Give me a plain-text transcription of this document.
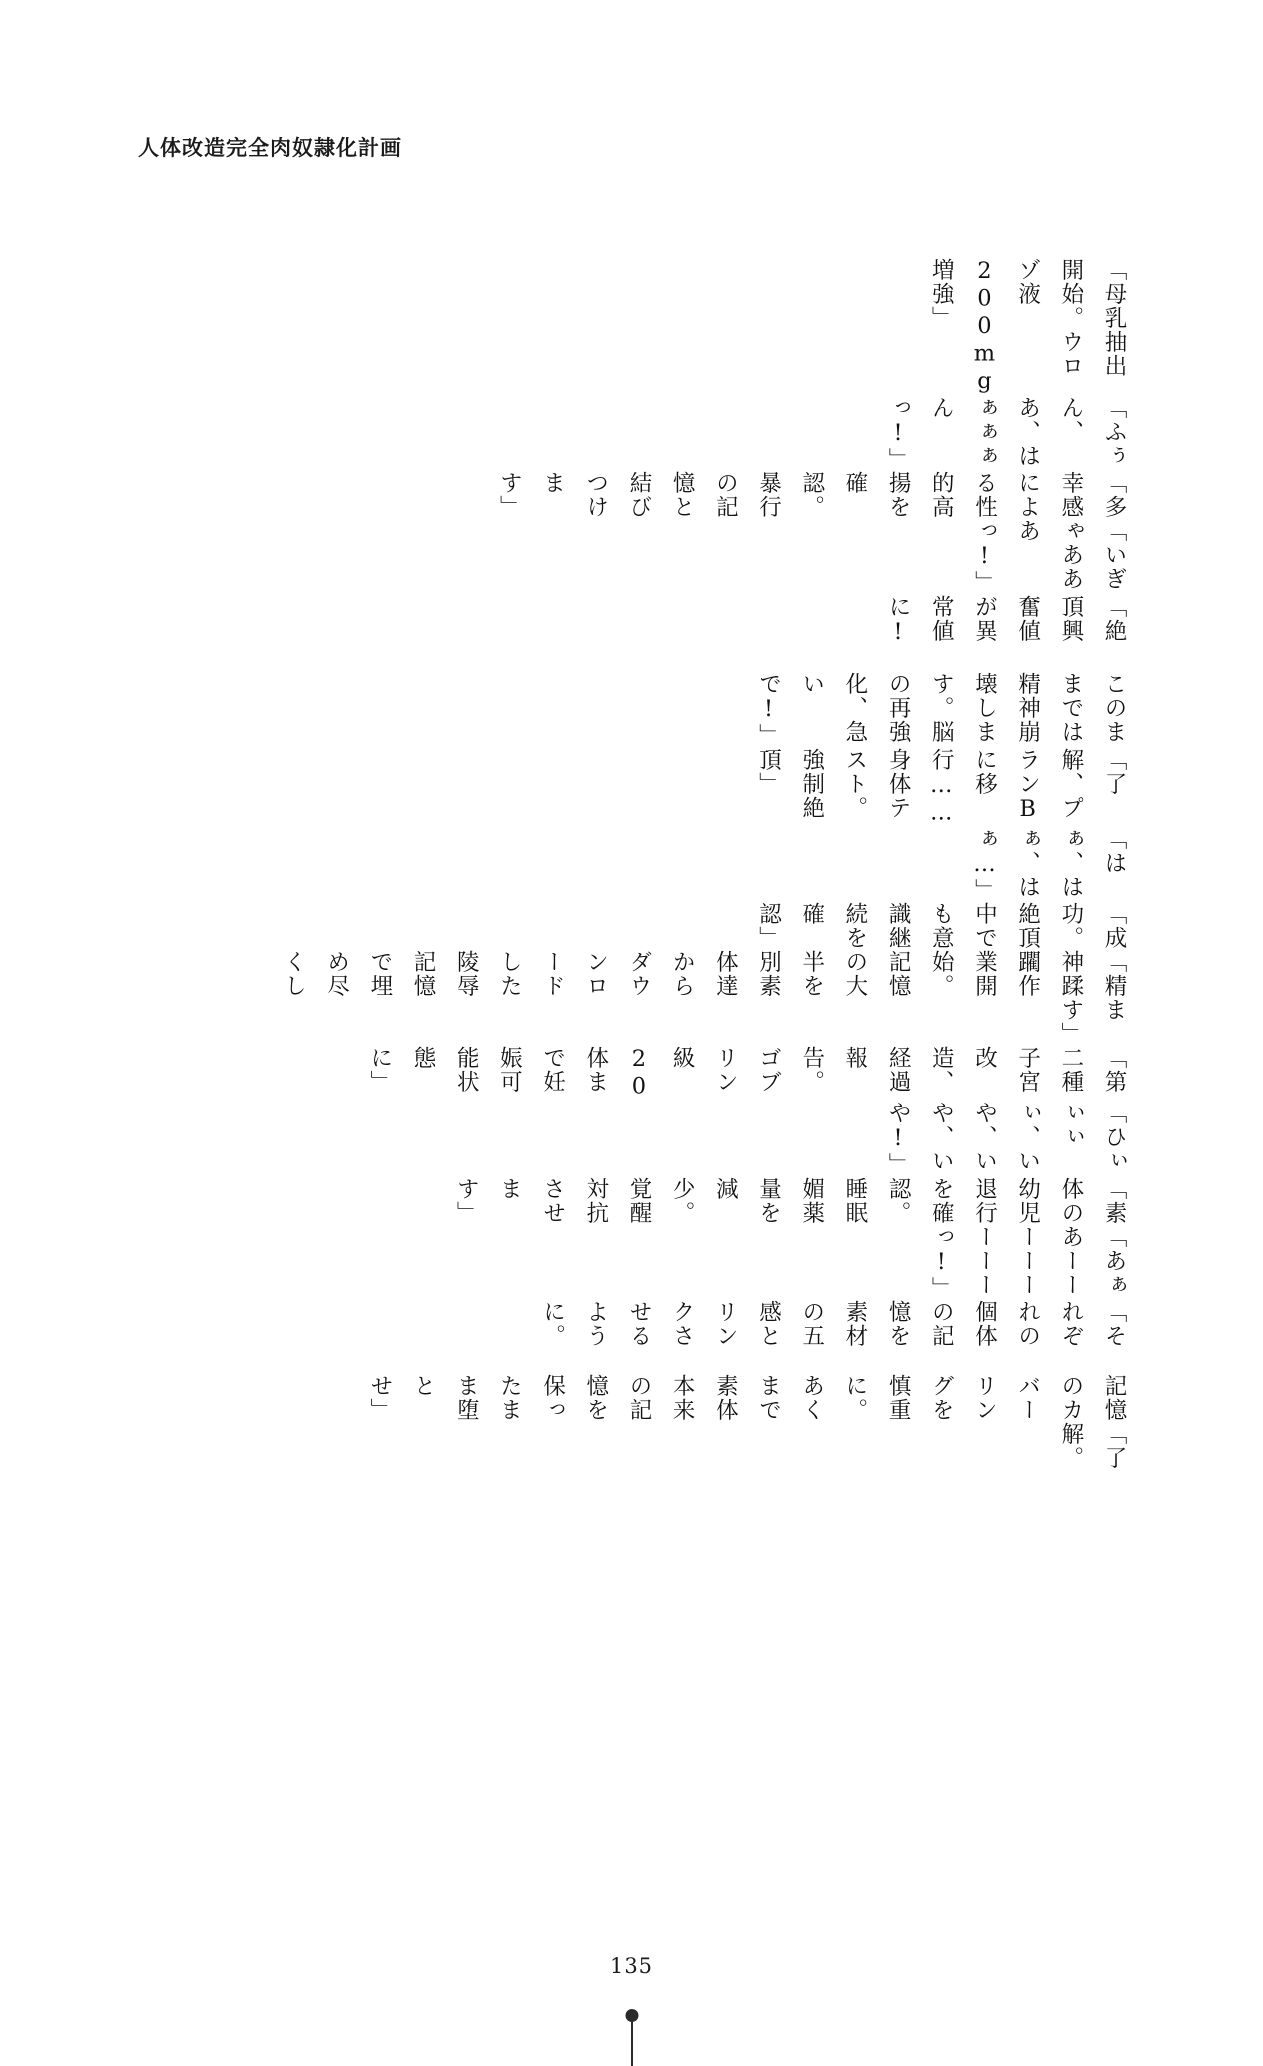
人体改造完全肉奴隷化計画

「母乳抽出開始。ウロゾ液200mg増強」

「ふぅん、あ、はぁぁぁんっ!」

「多幸感による性的高揚を確認。暴行の記憶と結びつけます」

「いぎゃあああっ!」

「絶頂興奮値が異常値に!

このままでは精神崩壊します。脳の再強化、急いで!」

「了解、プランBに移行……身体テスト。強制絶頂」

「はぁ、はぁ、はぁ…」

「成功。絶頂中でも意識継続を確認」

「精神蹂躙作業開始。記憶の大半を別素体達からダウンロードした陵辱記憶で埋め尽くし

ます」

「第二種子宮改造、経過報告。ゴブリン級20体まで妊娠可能状態に」

「ひぃぃぃぃ、いや、いや、いや!」

「素体の幼児退行を確認。睡眠媚薬量を減少。覚醒対抗させます」

「あぁあーーーーーーーーっ!」

「それぞれの個体の記憶を素材の五感とリンクさせるように。

記憶のカバーリングを慎重に。あくまで素体本来の記憶を保ったまま堕とせ」

「了解。

135
